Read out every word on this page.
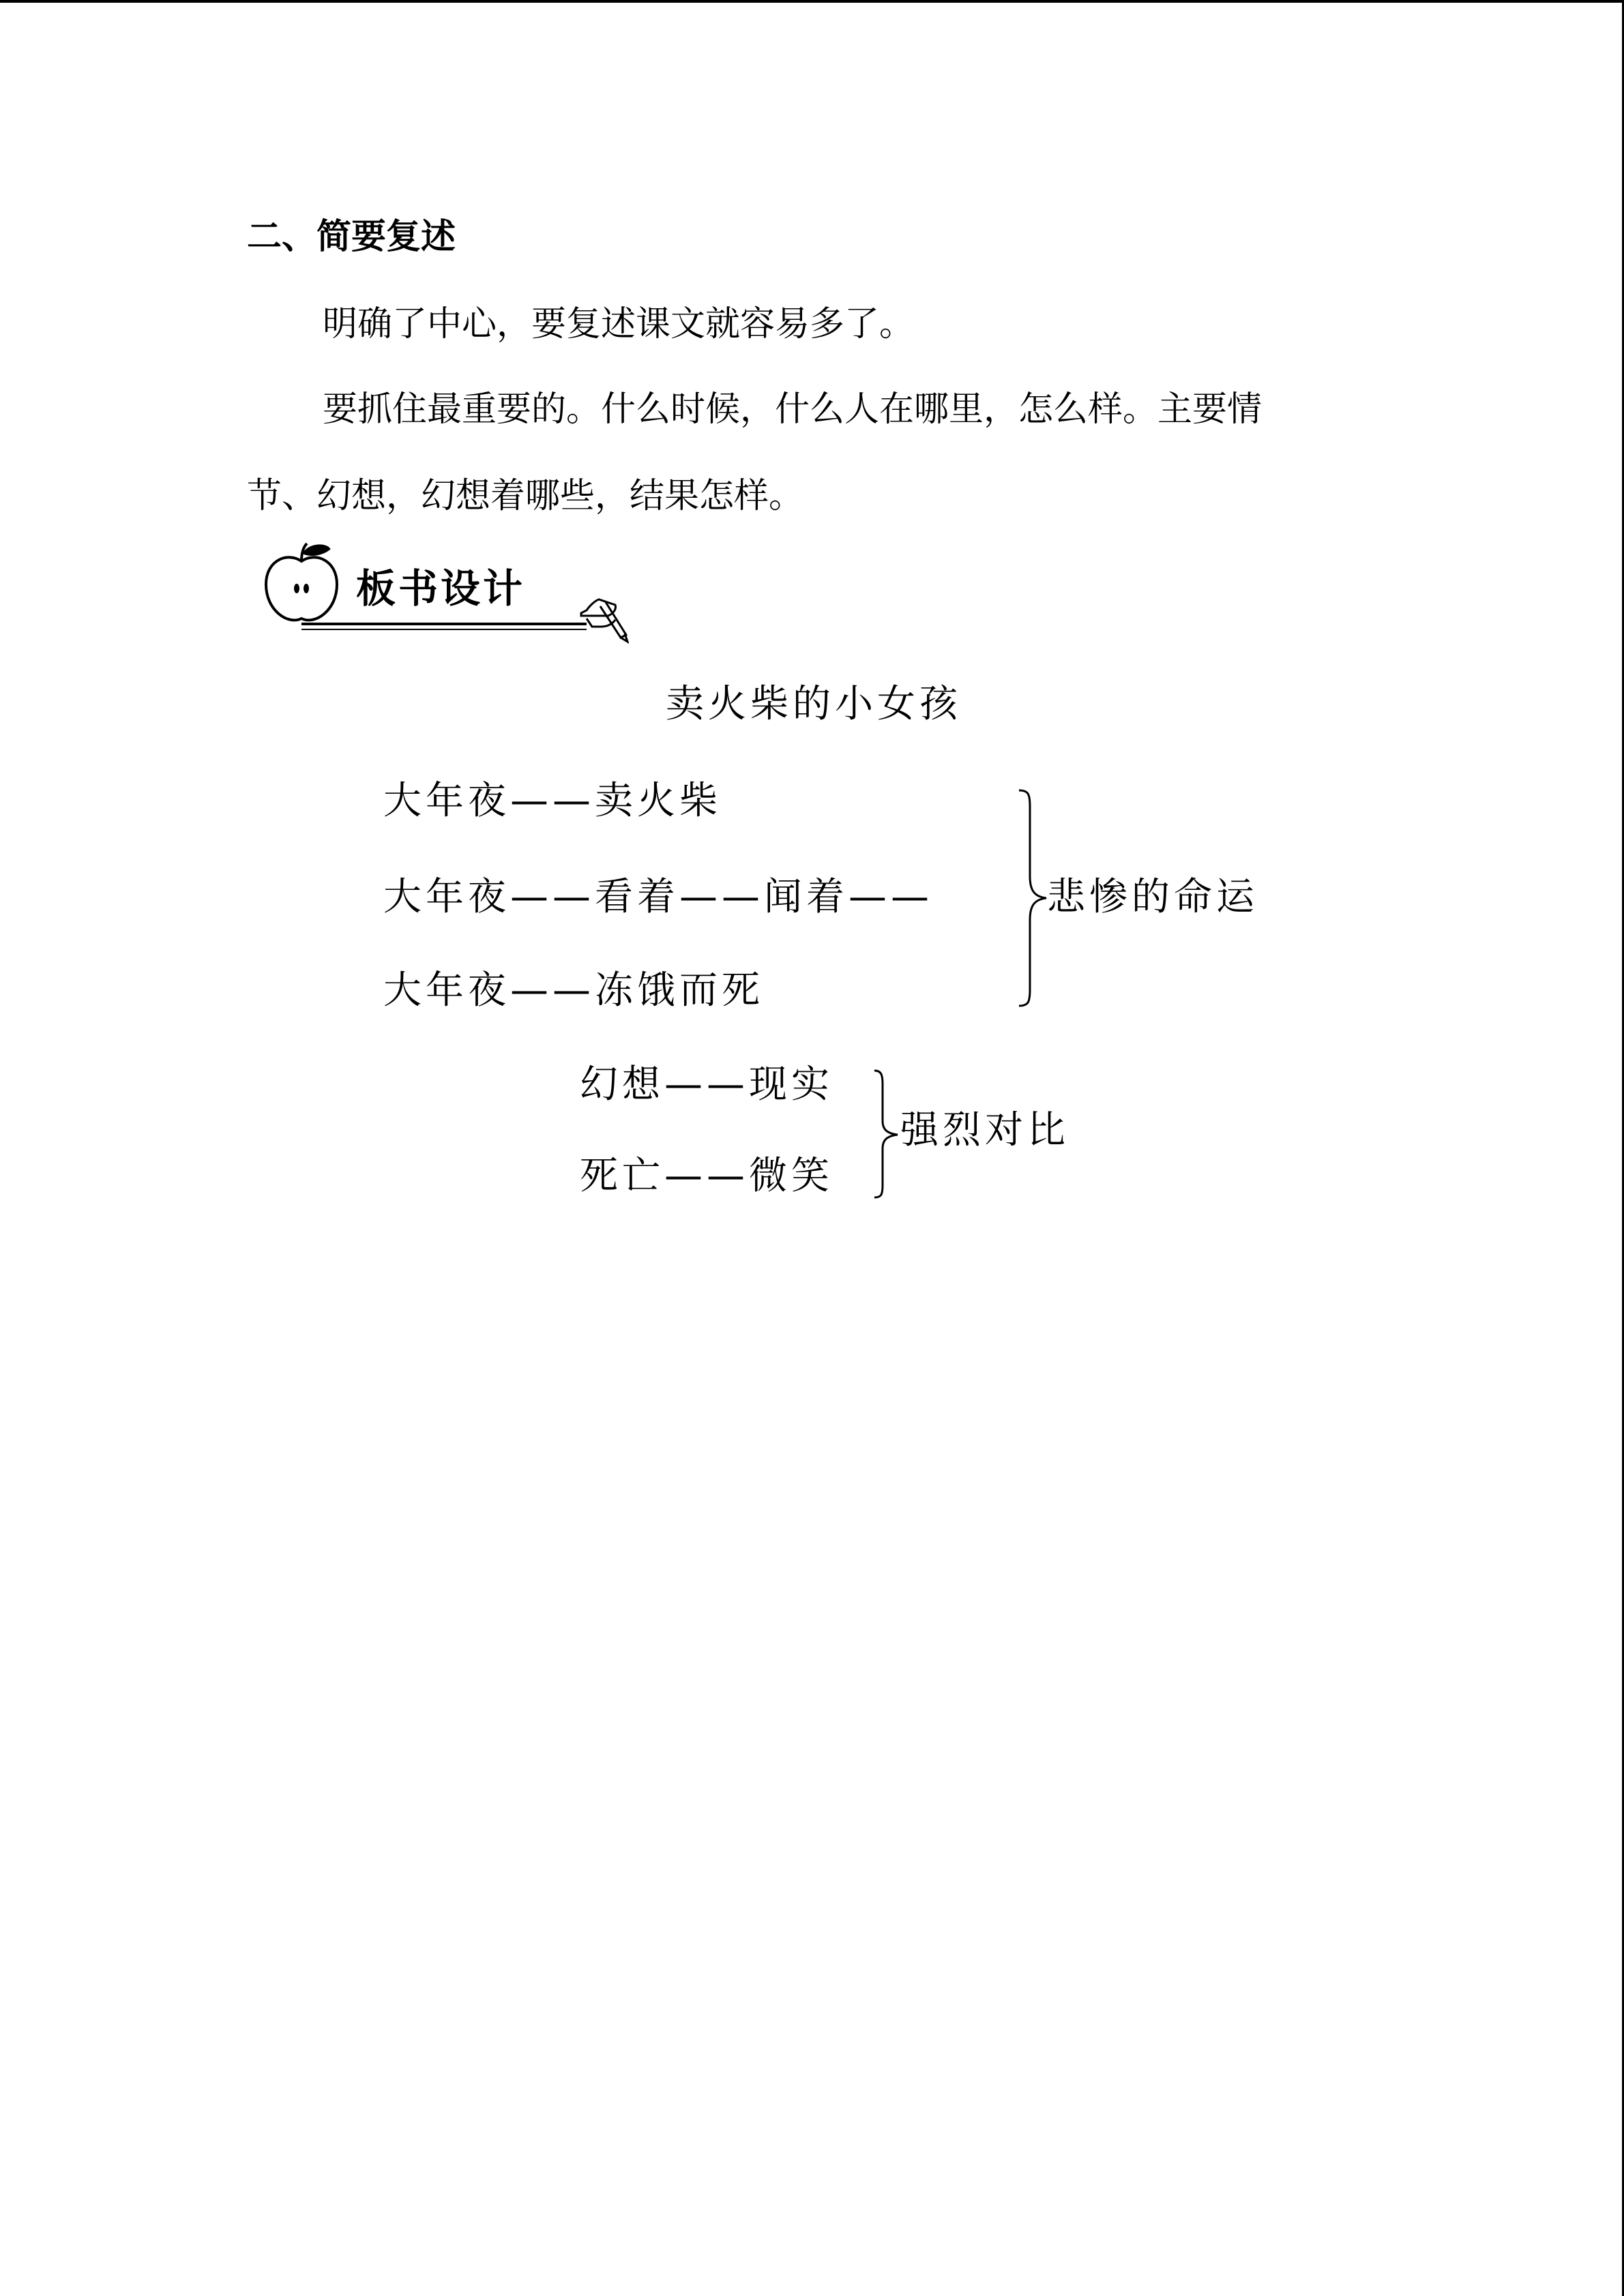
二、简要复述
明确了中心，要复述课文就容易多了。
要抓住最重要的。什么时候，什么人在哪里，怎么样。主要情
节、幻想，幻想着哪些，结果怎样。
板书设计
卖火柴的小女孩
大年夜——卖火柴
大年夜——看着——闻着——
大年夜——冻饿而死
悲惨的命运
幻想——现实
死亡——微笑
强烈对比
